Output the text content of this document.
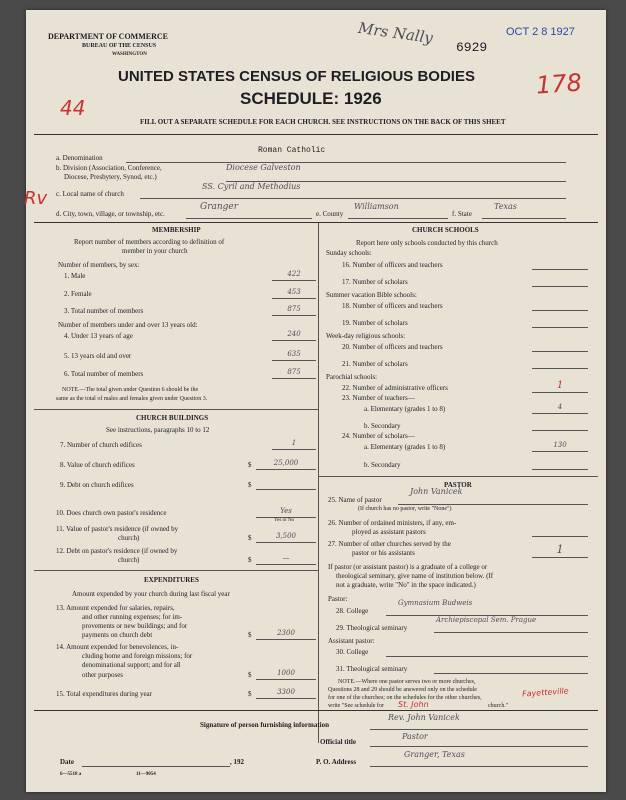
DEPARTMENT OF COMMERCE
BUREAU OF THE CENSUS
WASHINGTON
Mrs Nally	OCT 2 8 1927
6929
44
178
UNITED STATES CENSUS OF RELIGIOUS BODIES
SCHEDULE: 1926
FILL OUT A SEPARATE SCHEDULE FOR EACH CHURCH. SEE INSTRUCTIONS ON THE BACK OF THIS SHEET
a. Denomination
Roman Catholic
b. Division (Association, Conference,
Diocese, Presbytery, Synod, etc.)
Diocese Galveston
c. Local name of church
SS. Cyril and Methodius
d. City, town, village, or township, etc.
Granger
e. County
Williamson
f. State
Texas
Rv
MEMBERSHIP
Report number of members according to definition of
member in your church
Number of members, by sex:
1. Male	422
2. Female	453
3. Total number of members	875
Number of members under and over 13 years old:
4. Under 13 years of age	240
5. 13 years old and over	635
6. Total number of members	875
NOTE.—The total given under Question 6 should be the
same as the total of males and females given under Question 3.
CHURCH BUILDINGS
See instructions, paragraphs 10 to 12
7. Number of church edifices	1
8. Value of church edifices	$	25,000
9. Debt on church edifices	$
10. Does church own pastor's residence	Yes
Yes or No
11. Value of pastor's residence (if owned by
church)	$	3,500
12. Debt on pastor's residence (if owned by
church)	$	—
EXPENDITURES
Amount expended by your church during last fiscal year
13. Amount expended for salaries, repairs,
and other running expenses; for im-
provements or new buildings; and for
payments on church debt	$	2300
14. Amount expended for benevolences, in-
cluding home and foreign missions; for
denominational support; and for all
other purposes	$	1000
15. Total expenditures during year	$	3300
CHURCH SCHOOLS
Report here only schools conducted by this church
Sunday schools:
16. Number of officers and teachers
17. Number of scholars
Summer vacation Bible schools:
18. Number of officers and teachers
19. Number of scholars
Week-day religious schools:
20. Number of officers and teachers
21. Number of scholars
Parochial schools:
22. Number of administrative officers	1
23. Number of teachers—
a. Elementary (grades 1 to 8)	4
b. Secondary
24. Number of scholars—
a. Elementary (grades 1 to 8)	130
b. Secondary
PASTOR
25. Name of pastor
John Vanicek
(If church has no pastor, write "None")
26. Number of ordained ministers, if any, em-
ployed as assistant pastors
27. Number of other churches served by the
pastor or his assistants	1
If pastor (or assistant pastor) is a graduate of a college or
theological seminary, give name of institution below. (If
not a graduate, write "No" in the space indicated.)
Pastor:
28. College
Gymnasium Budweis
29. Theological seminary
Archiepiscopal Sem. Prague
Assistant pastor:
30. College
31. Theological seminary
NOTE.—Where one pastor serves two or more churches,
Questions 28 and 29 should be answered only on the schedule
for one of the churches; on the schedules for the other churches,
write "See schedule for St. John	church."
Fayetteville
Signature of person furnishing information
Rev. John Vanicek
Official title
Pastor
Date	, 192	P. O. Address
Granger, Texas
6—5518 a	11—9054
